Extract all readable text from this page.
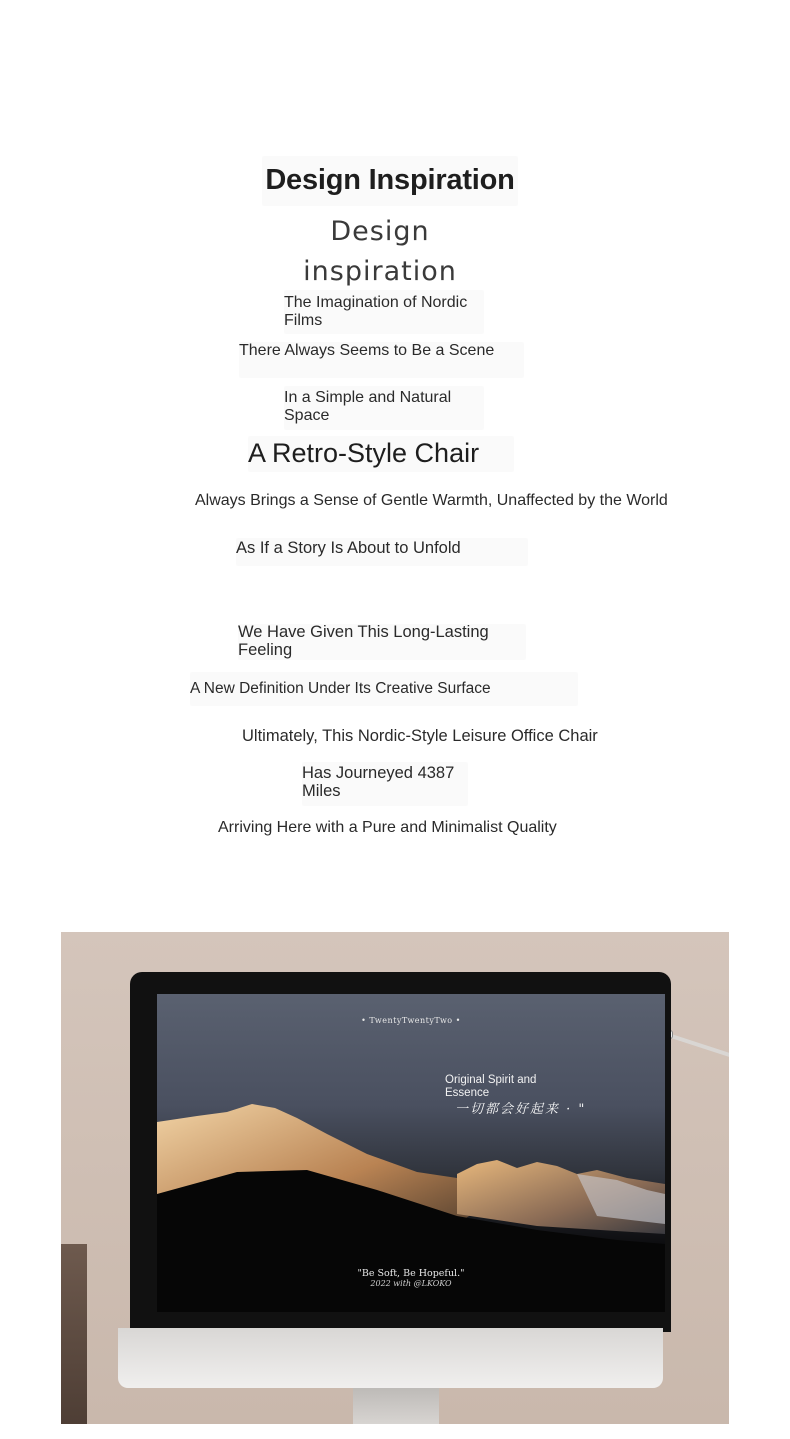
Design Inspiration
Design inspiration

The Imagination of Nordic Films

There Always Seems to Be a Scene

In a Simple and Natural Space

A Retro-Style Chair

Always Brings a Sense of Gentle Warmth, Unaffected by the World

As If a Story Is About to Unfold

We Have Given This Long-Lasting Feeling

A New Definition Under Its Creative Surface

Ultimately, This Nordic-Style Leisure Office Chair

Has Journeyed 4387 Miles

Arriving Here with a Pure and Minimalist Quality

• TwentyTwentyTwo •
Original Spirit and Essence
一切都会好起来 · "
"Be Soft, Be Hopeful."
2022 with @LKOKO
